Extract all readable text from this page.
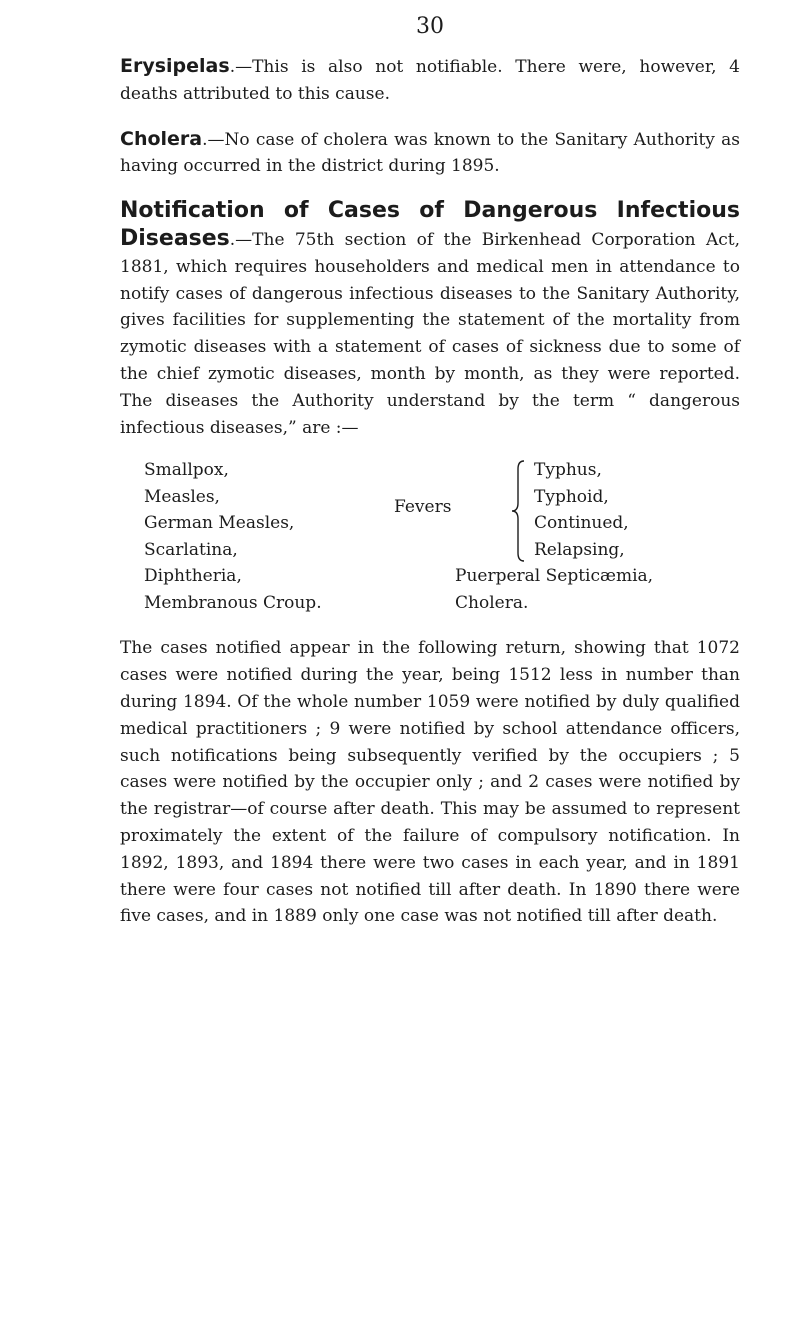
30

Erysipelas.—This is also not notifiable. There were, however, 4 deaths attributed to this cause.

Cholera.—No case of cholera was known to the Sanitary Authority as having occurred in the district during 1895.

Notification of Cases of Dangerous Infectious Diseases.—The 75th section of the Birkenhead Corporation Act, 1881, which requires householders and medical men in attendance to notify cases of dangerous infectious diseases to the Sanitary Authority, gives facilities for supplementing the statement of the mortality from zymotic diseases with a statement of cases of sickness due to some of the chief zymotic diseases, month by month, as they were reported. The diseases the Authority understand by the term “ dangerous infectious diseases,” are :—

Smallpox,
Measles,
German Measles,
Scarlatina,
Diphtheria,
Membranous Croup.
Fevers
Typhus,
Typhoid,
Continued,
Relapsing,
Puerperal Septicæmia,
Cholera.

The cases notified appear in the following return, showing that 1072 cases were notified during the year, being 1512 less in number than during 1894. Of the whole number 1059 were notified by duly qualified medical practitioners ; 9 were notified by school attendance officers, such notifications being subsequently verified by the occupiers ; 5 cases were notified by the occupier only ; and 2 cases were notified by the registrar—of course after death. This may be assumed to represent proximately the extent of the failure of compulsory notification. In 1892, 1893, and 1894 there were two cases in each year, and in 1891 there were four cases not notified till after death. In 1890 there were five cases, and in 1889 only one case was not notified till after death.
